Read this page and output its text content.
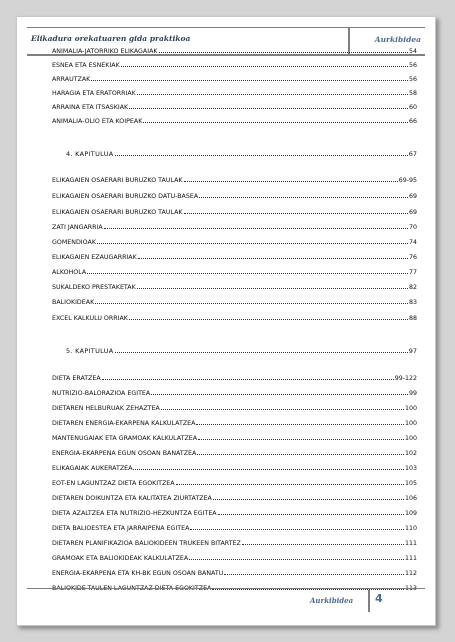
Elikadura orekatuaren gida praktikoa	Aurkibidea
ANIMALIA-JATORRIKO ELIKAGAIAK	54
ESNEA ETA ESNEKIAK	56
ARRAUTZAK	56
HARAGIA ETA ERATORRIAK	58
ARRAINA ETA ITSASKIAK	60
ANIMALIA-OLIO ETA KOIPEAK	66
4. KAPITULUA	67
ELIKAGAIEN OSAERARI BURUZKO TAULAK	69-95
ELIKAGAIEN OSAERARI BURUZKO DATU-BASEA	69
ELIKAGAIEN OSAERARI BURUZKO TAULAK	69
ZATI JANGARRIA	70
GOMENDIOAK	74
ELIKAGAIEN EZAUGARRIAK	76
ALKOHOLA	77
SUKALDEKO PRESTAKETAK	82
BALIOKIDEAK	83
EXCEL KALKULU ORRIAK	88
5. KAPITULUA	97
DIETA ERATZEA	99-122
NUTRIZIO-BALORAZIOA EGITEA	99
DIETAREN HELBURUAK ZEHAZTEA	100
DIETAREN ENERGIA-EKARPENA KALKULATZEA	100
MANTENUGAIAK ETA GRAMOAK KALKULATZEA	100
ENERGIA-EKARPENA EGUN OSOAN BANATZEA	102
ELIKAGAIAK AUKERATZEA	103
EOT-EN LAGUNTZAZ DIETA EGOKITZEA	105
DIETAREN DOIKUNTZA ETA KALITATEA ZIURTATZEA	106
DIETA AZALTZEA ETA NUTRIZIO-HEZKUNTZA EGITEA	109
DIETA BALIOESTEA ETA JARRAIPENA EGITEA	110
DIETAREN PLANIFIKAZIOA BALIOKIDEEN TRUKEEN BITARTEZ	111
GRAMOAK ETA BALIOKIDEAK KALKULATZEA	111
ENERGIA-EKARPENA ETA KH-BK EGUN OSOAN BANATU	112
BALIOKIDE-TAULEN LAGUNTZAZ DIETA EGOKITZEA	113
Aurkibidea 4
